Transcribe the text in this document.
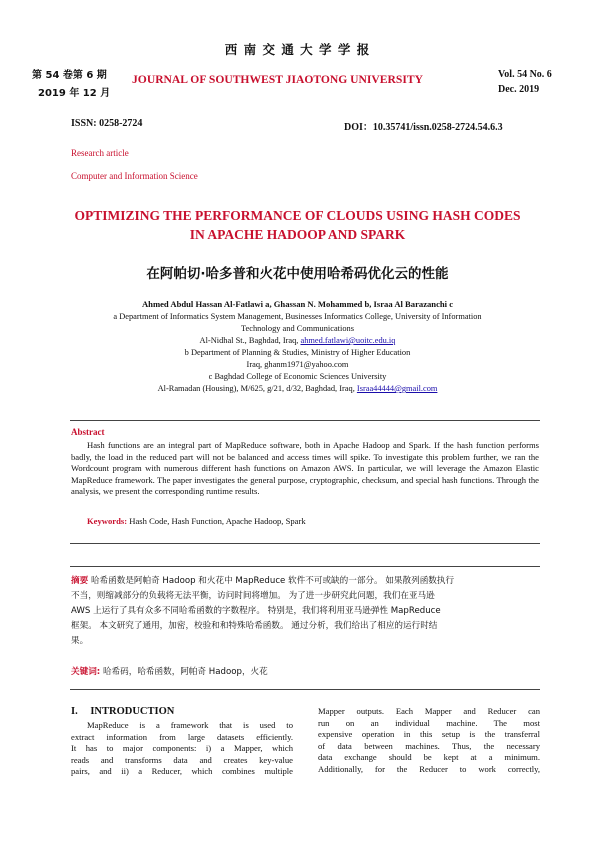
西 南 交 通 大 学 学 报
第 54 卷第 6 期
2019 年 12 月
JOURNAL OF SOUTHWEST JIAOTONG UNIVERSITY	Vol. 54 No. 6
Dec. 2019
ISSN: 0258-2724	DOI：10.35741/issn.0258-2724.54.6.3
Research article
Computer and Information Science
OPTIMIZING THE PERFORMANCE OF CLOUDS USING HASH CODES
IN APACHE HADOOP AND SPARK
在阿帕切·哈多普和火花中使用哈希码优化云的性能
Ahmed Abdul Hassan Al-Fatlawi a, Ghassan N. Mohammed b, Israa Al Barazanchi c
a Department of Informatics System Management, Businesses Informatics College, University of Information
Technology and Communications
Al-Nidhal St., Baghdad, Iraq, ahmed.fatlawi@uoitc.edu.iq
b Department of Planning & Studies, Ministry of Higher Education
Iraq, ghanm1971@yahoo.com
c Baghdad College of Economic Sciences University
Al-Ramadan (Housing), M/625, g/21, d/32, Baghdad, Iraq, Israa44444@gmail.com
Abstract
Hash functions are an integral part of MapReduce software, both in Apache Hadoop and Spark. If the hash function performs badly, the load in the reduced part will not be balanced and access times will spike. To investigate this problem further, we ran the Wordcount program with numerous different hash functions on Amazon AWS. In particular, we will leverage the Amazon Elastic MapReduce framework. The paper investigates the general purpose, cryptographic, checksum, and special hash functions. Through the analysis, we present the corresponding runtime results.
Keywords: Hash Code, Hash Function, Apache Hadoop, Spark
摘要 哈希函数是阿帕奇 Hadoop 和火花中 MapReduce 软件不可或缺的一部分。 如果散列函数执行
不当，则缩减部分的负载将无法平衡，访问时间将增加。 为了进一步研究此问题，我们在亚马逊
AWS 上运行了具有众多不同哈希函数的字数程序。 特别是，我们将利用亚马逊弹性 MapReduce
框架。 本文研究了通用，加密，校验和和特殊哈希函数。 通过分析，我们给出了相应的运行时结
果。
关键词: 哈希码，哈希函数，阿帕奇 Hadoop，火花
I. INTRODUCTION
MapReduce is a framework that is used to
extract information from large datasets efficiently.
It has to major components: i) a Mapper, which
reads and transforms data and creates key-value
pairs, and ii) a Reducer, which combines multiple
Mapper outputs. Each Mapper and Reducer can
run on an individual machine. The most
expensive operation in this setup is the transferral
of data between machines. Thus, the necessary
data exchange should be kept at a minimum.
Additionally, for the Reducer to work correctly,
